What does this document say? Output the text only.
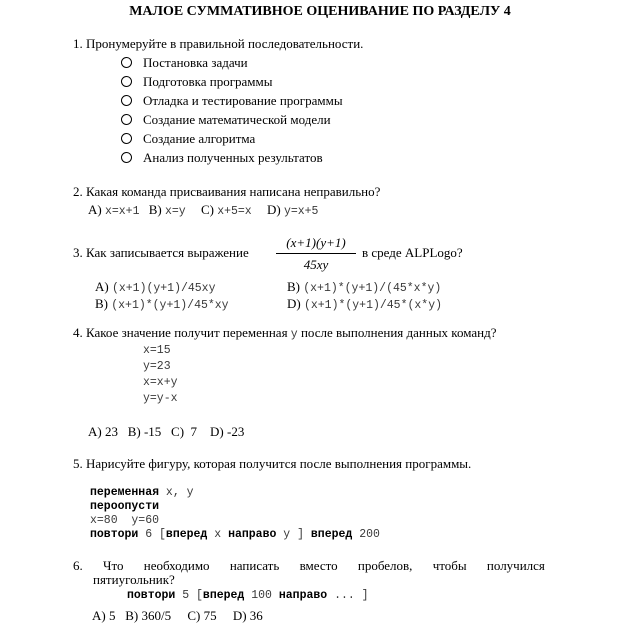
МАЛОЕ СУММАТИВНОЕ ОЦЕНИВАНИЕ ПО РАЗДЕЛУ 4
1. Пронумеруйте в правильной последовательности.
Постановка задачи
Подготовка программы
Отладка и тестирование программы
Создание математической модели
Создание алгоритма
Анализ полученных результатов
2. Какая команда присваивания написана неправильно?
A) x=x+1 B) x=y C) x+5=x D) y=x+5
3. Как записывается выражение
(x+1)(y+1)
45xy
в среде ALPLogo?
A) (x+1)(y+1)/45xy	B) (x+1)*(y+1)/(45*x*y)
B) (x+1)*(y+1)/45*xy	D) (x+1)*(y+1)/45*(x*y)
4. Какое значение получит переменная y после выполнения данных команд?
x=15
y=23
x=x+y
y=y-x
A) 23   B) -15   C)  7    D) -23
5. Нарисуйте фигуру, которая получится после выполнения программы.
переменная x, y
пероопусти
x=80  y=60
повтори 6 [вперед x направо y ] вперед 200
6. Что необходимо написать вместо пробелов, чтобы получился
пятиугольник?
повтори 5 [вперед 100 направо ... ]
A) 5   B) 360/5     C) 75     D) 36
